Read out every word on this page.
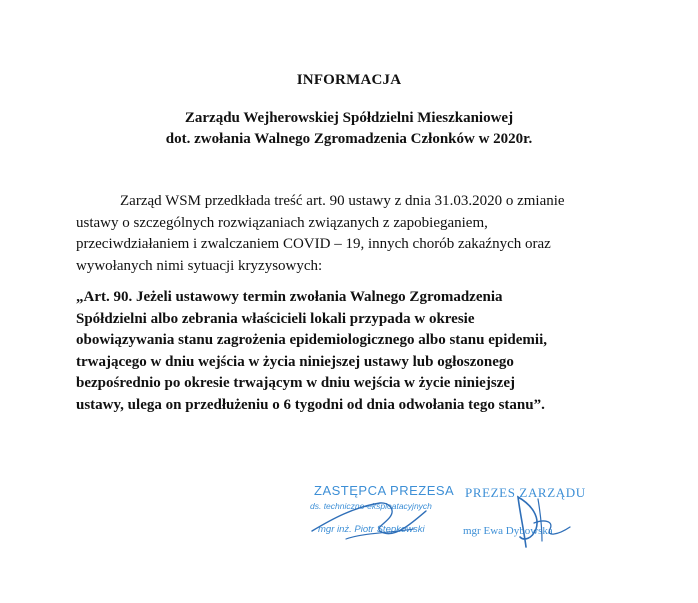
INFORMACJA
Zarządu Wejherowskiej Spółdzielni Mieszkaniowej
dot. zwołania Walnego Zgromadzenia Członków w 2020r.

Zarząd WSM przedkłada treść art. 90 ustawy z dnia 31.03.2020 o zmianie
ustawy o szczególnych rozwiązaniach związanych z zapobieganiem,
przeciwdziałaniem i zwalczaniem COVID – 19, innych chorób zakaźnych oraz
wywołanych nimi sytuacji kryzysowych:

„Art. 90. Jeżeli ustawowy termin zwołania Walnego Zgromadzenia
Spółdzielni albo zebrania właścicieli lokali przypada w okresie
obowiązywania stanu zagrożenia epidemiologicznego albo stanu epidemii,
trwającego w dniu wejścia w życia niniejszej ustawy lub ogłoszonego
bezpośrednio po okresie trwającym w dniu wejścia w życie niniejszej
ustawy, ulega on przedłużeniu o 6 tygodni od dnia odwołania tego stanu”.

ZASTĘPCA PREZESA
ds. techniczno-eksploatacyjnych
mgr inż. Piotr Stępkowski
PREZES ZARZĄDU
mgr Ewa Dybowska
